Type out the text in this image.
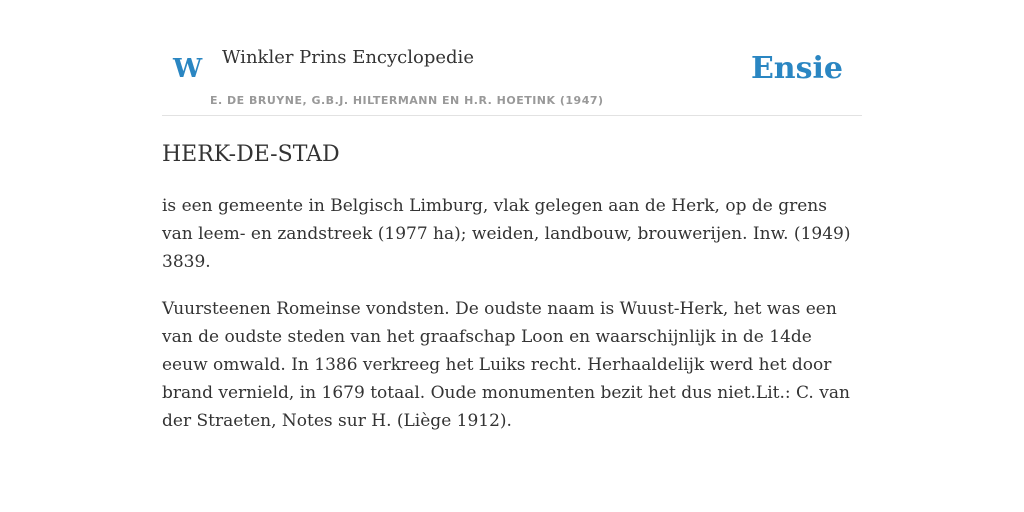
W Winkler Prins Encyclopedie
E. DE BRUYNE, G.B.J. HILTERMANN EN H.R. HOETINK (1947)
Ensie
HERK-DE-STAD

is een gemeente in Belgisch Limburg, vlak gelegen aan de Herk, op de grens van leem- en zandstreek (1977 ha); weiden, landbouw, brouwerijen. Inw. (1949) 3839.

Vuursteenen Romeinse vondsten. De oudste naam is Wuust-Herk, het was een van de oudste steden van het graafschap Loon en waarschijnlijk in de 14de eeuw omwald. In 1386 verkreeg het Luiks recht. Herhaaldelijk werd het door brand vernield, in 1679 totaal. Oude monumenten bezit het dus niet.Lit.: C. van der Straeten, Notes sur H. (Liège 1912).
